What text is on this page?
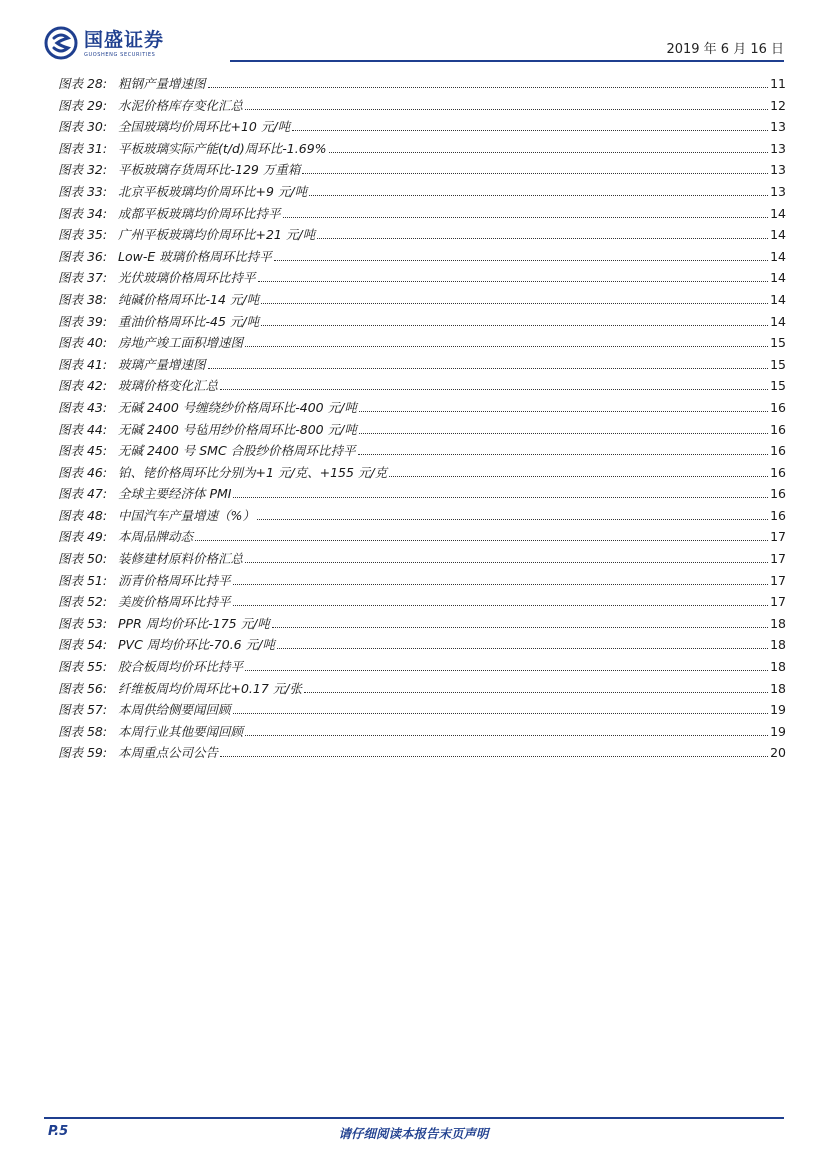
国盛证券
GUOSHENG SECURITIES	2019 年 6 月 16 日
图表 28: 粗钢产量增速图	11
图表 29: 水泥价格库存变化汇总	12
图表 30: 全国玻璃均价周环比+10 元/吨	13
图表 31: 平板玻璃实际产能(t/d)周环比-1.69%	13
图表 32: 平板玻璃存货周环比-129 万重箱	13
图表 33: 北京平板玻璃均价周环比+9 元/吨	13
图表 34: 成都平板玻璃均价周环比持平	14
图表 35: 广州平板玻璃均价周环比+21 元/吨	14
图表 36: Low-E 玻璃价格周环比持平	14
图表 37: 光伏玻璃价格周环比持平	14
图表 38: 纯碱价格周环比-14 元/吨	14
图表 39: 重油价格周环比-45 元/吨	14
图表 40: 房地产竣工面积增速图	15
图表 41: 玻璃产量增速图	15
图表 42: 玻璃价格变化汇总	15
图表 43: 无碱 2400 号缠绕纱价格周环比-400 元/吨	16
图表 44: 无碱 2400 号毡用纱价格周环比-800 元/吨	16
图表 45: 无碱 2400 号 SMC 合股纱价格周环比持平	16
图表 46: 铂、铑价格周环比分别为+1 元/克、+155 元/克	16
图表 47: 全球主要经济体 PMI	16
图表 48: 中国汽车产量增速（%）	16
图表 49: 本周品牌动态	17
图表 50: 装修建材原料价格汇总	17
图表 51: 沥青价格周环比持平	17
图表 52: 美废价格周环比持平	17
图表 53: PPR 周均价环比-175 元/吨	18
图表 54: PVC 周均价环比-70.6 元/吨	18
图表 55: 胶合板周均价环比持平	18
图表 56: 纤维板周均价周环比+0.17 元/张	18
图表 57: 本周供给侧要闻回顾	19
图表 58: 本周行业其他要闻回顾	19
图表 59: 本周重点公司公告	20
P.5	请仔细阅读本报告末页声明
